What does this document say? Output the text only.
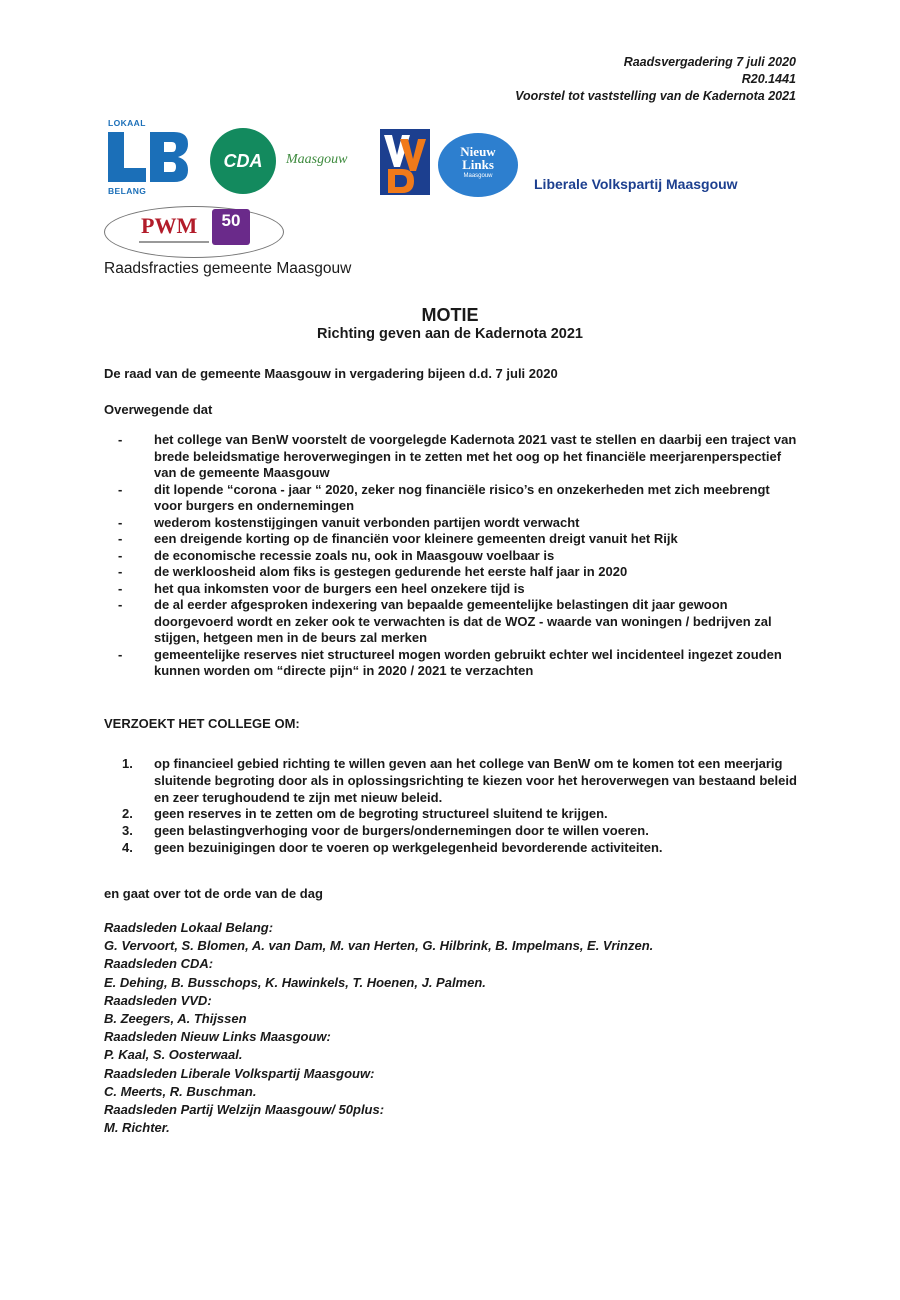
Raadsvergadering 7 juli 2020
R20.1441
Voorstel tot vaststelling van de Kadernota 2021
LOKAAL
BELANG
CDA Maasgouw
Nieuw
Links
Maasgouw	Liberale Volkspartij Maasgouw
PWM	50
PLUS
Raadsfracties gemeente Maasgouw
MOTIE
Richting geven aan de Kadernota 2021
De raad van de gemeente Maasgouw in vergadering bijeen d.d. 7 juli 2020
Overwegende dat
- het college van BenW voorstelt de voorgelegde Kadernota 2021 vast te stellen en daarbij een traject van brede beleidsmatige heroverwegingen in te zetten met het oog op het financiële meerjarenperspectief van de gemeente Maasgouw
- dit lopende “corona - jaar “ 2020, zeker nog financiële risico’s en onzekerheden met zich meebrengt voor burgers en ondernemingen
- wederom kostenstijgingen vanuit verbonden partijen wordt verwacht
- een dreigende korting op de financiën voor kleinere gemeenten dreigt vanuit het Rijk
- de economische recessie zoals nu, ook in Maasgouw voelbaar is
- de werkloosheid alom fiks is gestegen gedurende het eerste half jaar in 2020
- het qua inkomsten voor de burgers een heel onzekere tijd is
- de al eerder afgesproken indexering van bepaalde gemeentelijke belastingen dit jaar gewoon doorgevoerd wordt en zeker ook te verwachten is dat de WOZ - waarde van woningen / bedrijven zal stijgen, hetgeen men in de beurs zal merken
- gemeentelijke reserves niet structureel mogen worden gebruikt echter wel incidenteel ingezet zouden kunnen worden om “directe pijn“ in 2020 / 2021 te verzachten
VERZOEKT HET COLLEGE OM:
1. op financieel gebied richting te willen geven aan het college van BenW om te komen tot een meerjarig sluitende begroting door als in oplossingsrichting te kiezen voor het heroverwegen van bestaand beleid en zeer terughoudend te zijn met nieuw beleid.
2. geen reserves in te zetten om de begroting structureel sluitend te krijgen.
3. geen belastingverhoging voor de burgers/ondernemingen door te willen voeren.
4. geen bezuinigingen door te voeren op werkgelegenheid bevorderende activiteiten.
en gaat over tot de orde van de dag
Raadsleden Lokaal Belang:
G. Vervoort, S. Blomen, A. van Dam, M. van Herten, G. Hilbrink, B. Impelmans, E. Vrinzen.
Raadsleden CDA:
E. Dehing, B. Busschops, K. Hawinkels, T. Hoenen, J. Palmen.
Raadsleden VVD:
B. Zeegers, A. Thijssen
Raadsleden Nieuw Links Maasgouw:
P. Kaal, S. Oosterwaal.
Raadsleden Liberale Volkspartij Maasgouw:
C. Meerts, R. Buschman.
Raadsleden Partij Welzijn Maasgouw/ 50plus:
M. Richter.
